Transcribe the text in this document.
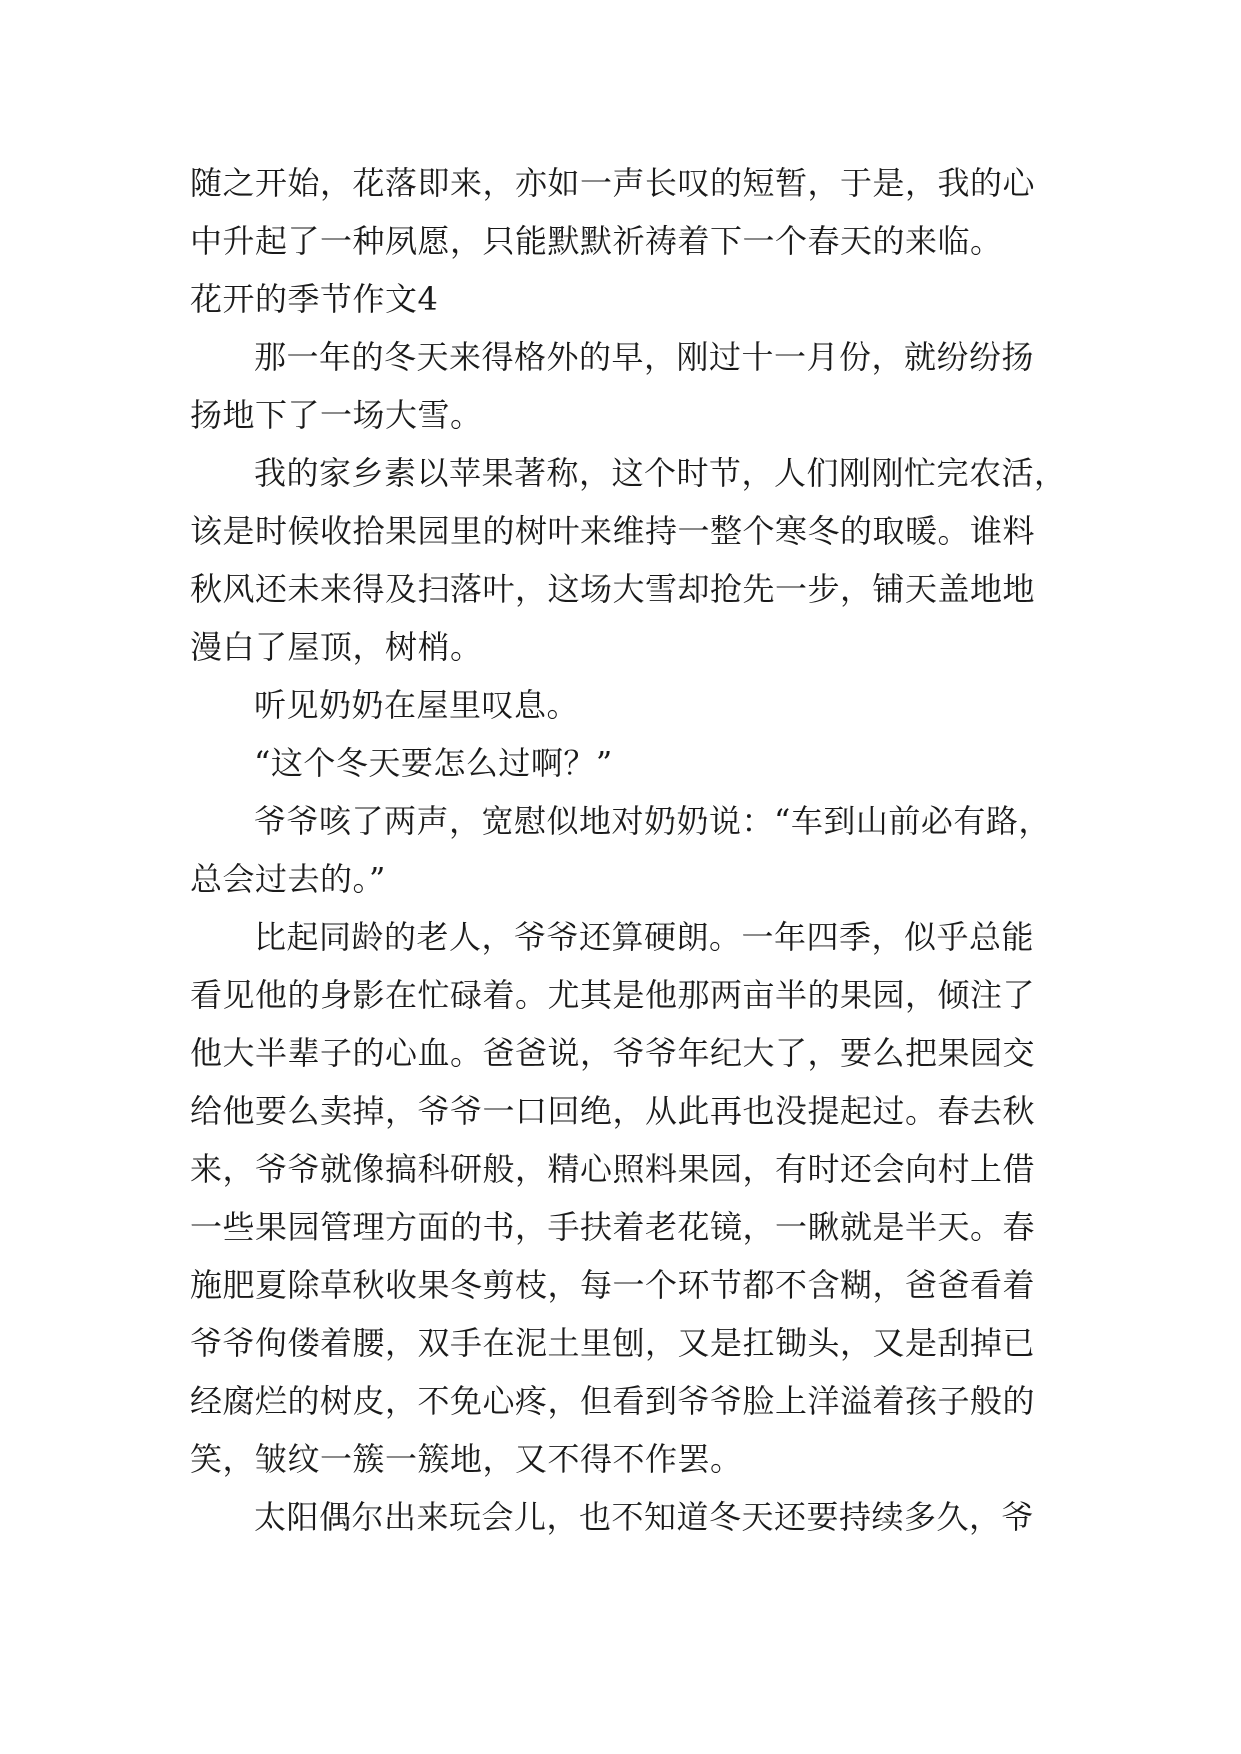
随之开始，花落即来，亦如一声长叹的短暂，于是，我的心
中升起了一种夙愿，只能默默祈祷着下一个春天的来临。
花开的季节作文4
那一年的冬天来得格外的早，刚过十一月份，就纷纷扬
扬地下了一场大雪。
我的家乡素以苹果著称，这个时节，人们刚刚忙完农活，
该是时候收拾果园里的树叶来维持一整个寒冬的取暖。谁料
秋风还未来得及扫落叶，这场大雪却抢先一步，铺天盖地地
漫白了屋顶，树梢。
听见奶奶在屋里叹息。
“这个冬天要怎么过啊？”
爷爷咳了两声，宽慰似地对奶奶说：“车到山前必有路，
总会过去的。”
比起同龄的老人，爷爷还算硬朗。一年四季，似乎总能
看见他的身影在忙碌着。尤其是他那两亩半的果园，倾注了
他大半辈子的心血。爸爸说，爷爷年纪大了，要么把果园交
给他要么卖掉，爷爷一口回绝，从此再也没提起过。春去秋
来，爷爷就像搞科研般，精心照料果园，有时还会向村上借
一些果园管理方面的书，手扶着老花镜，一瞅就是半天。春
施肥夏除草秋收果冬剪枝，每一个环节都不含糊，爸爸看着
爷爷佝偻着腰，双手在泥土里刨，又是扛锄头，又是刮掉已
经腐烂的树皮，不免心疼，但看到爷爷脸上洋溢着孩子般的
笑，皱纹一簇一簇地，又不得不作罢。
太阳偶尔出来玩会儿，也不知道冬天还要持续多久，爷
